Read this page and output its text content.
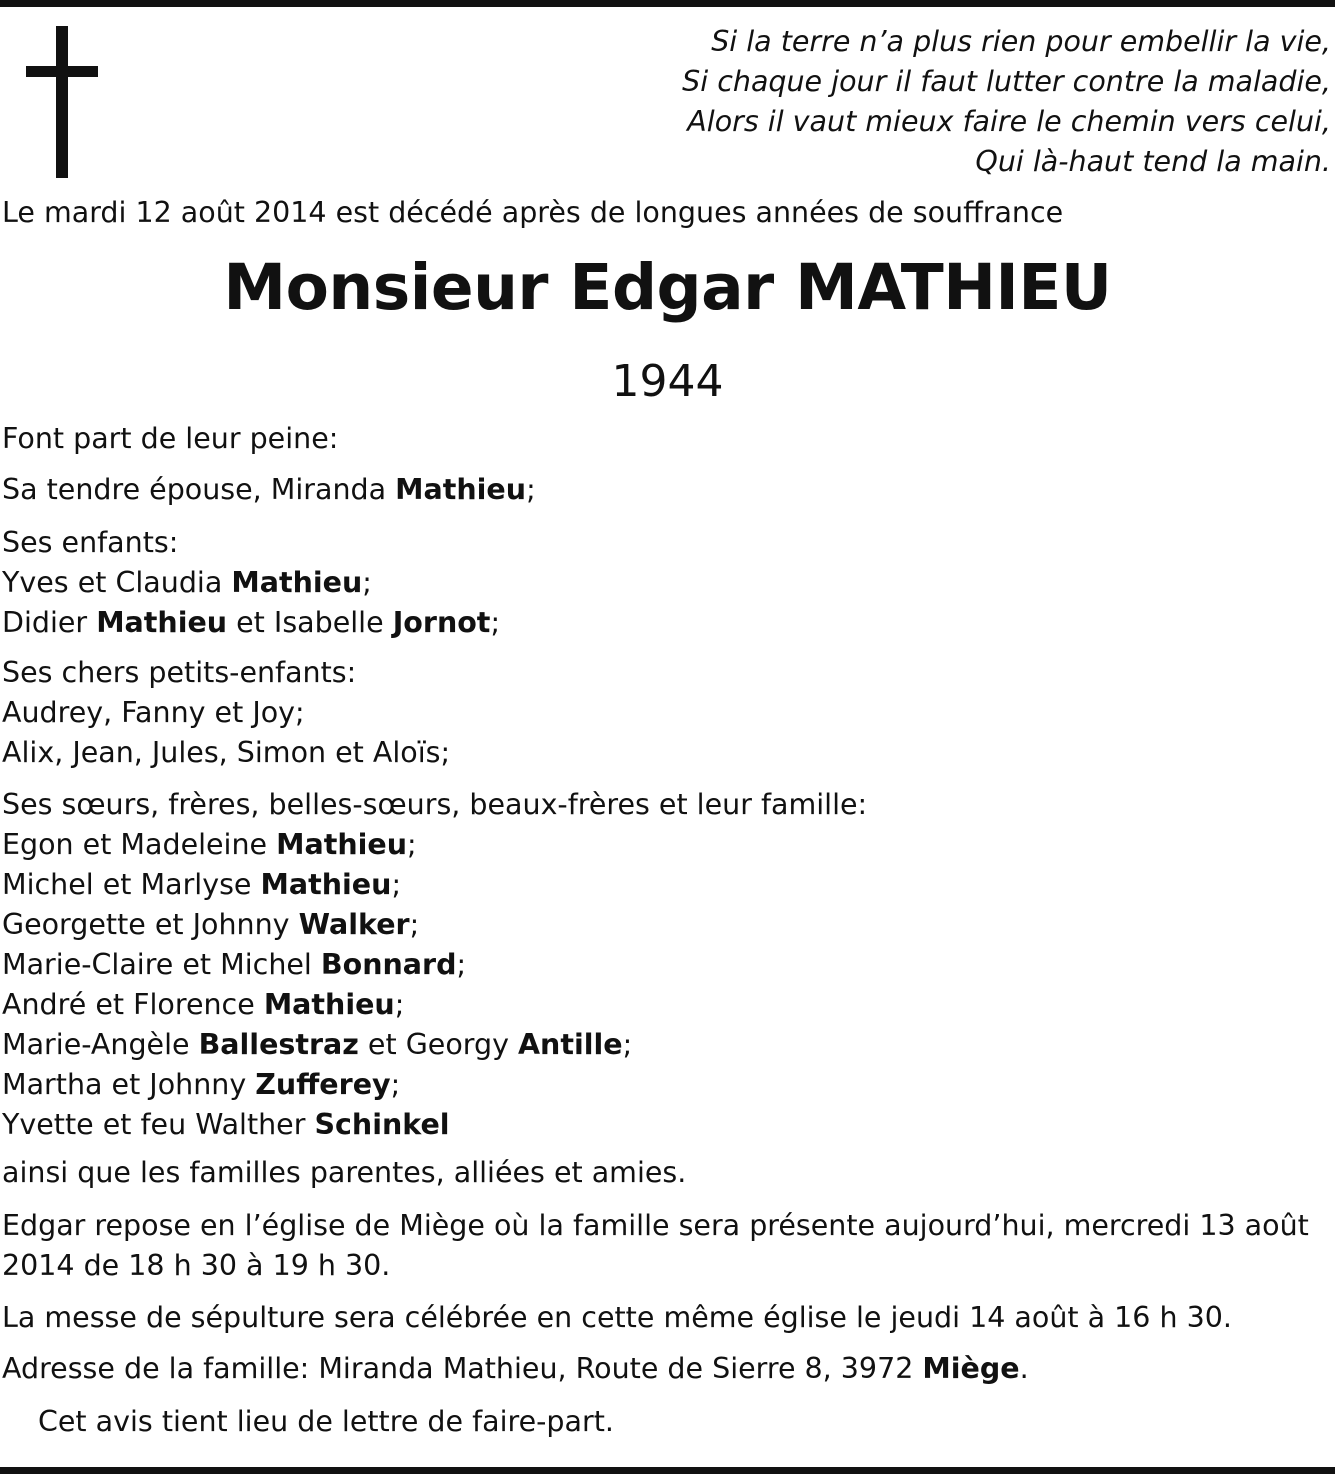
Si la terre n’a plus rien pour embellir la vie,
Si chaque jour il faut lutter contre la maladie,
Alors il vaut mieux faire le chemin vers celui,
Qui là-haut tend la main.
Le mardi 12 août 2014 est décédé après de longues années de souffrance
Monsieur Edgar MATHIEU
1944
Font part de leur peine:
Sa tendre épouse, Miranda Mathieu;
Ses enfants:
Yves et Claudia Mathieu;
Didier Mathieu et Isabelle Jornot;
Ses chers petits-enfants:
Audrey, Fanny et Joy;
Alix, Jean, Jules, Simon et Aloïs;
Ses sœurs, frères, belles-sœurs, beaux-frères et leur famille:
Egon et Madeleine Mathieu;
Michel et Marlyse Mathieu;
Georgette et Johnny Walker;
Marie-Claire et Michel Bonnard;
André et Florence Mathieu;
Marie-Angèle Ballestraz et Georgy Antille;
Martha et Johnny Zufferey;
Yvette et feu Walther Schinkel
ainsi que les familles parentes, alliées et amies.
Edgar repose en l’église de Miège où la famille sera présente aujourd’hui, mercredi 13 août 2014 de 18 h 30 à 19 h 30.
La messe de sépulture sera célébrée en cette même église le jeudi 14 août à 16 h 30.
Adresse de la famille: Miranda Mathieu, Route de Sierre 8, 3972 Miège.
Cet avis tient lieu de lettre de faire-part.
